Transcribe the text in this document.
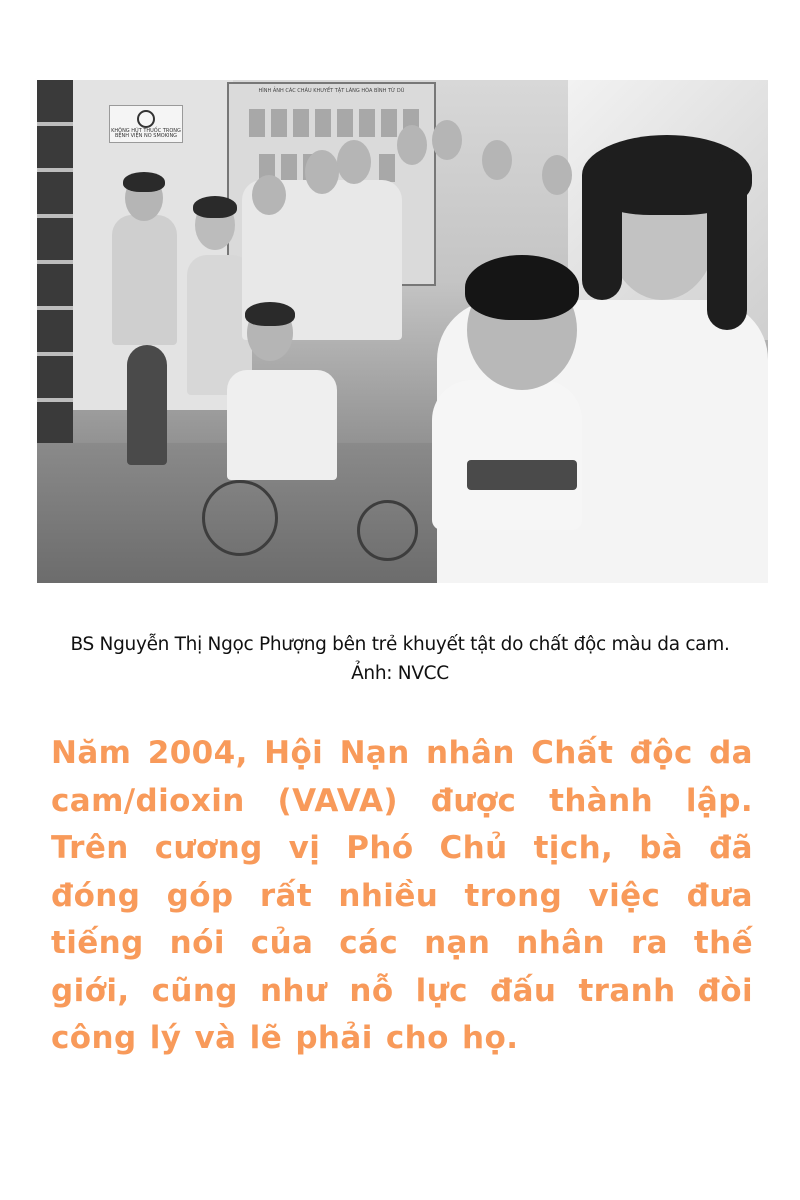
KHÔNG HÚT THUỐC TRONG BỆNH VIỆN NO SMOKING
HÌNH ẢNH CÁC CHÁU KHUYẾT TẬT LÀNG HÒA BÌNH TỪ DŨ
BS Nguyễn Thị Ngọc Phượng bên trẻ khuyết tật do chất độc màu da cam.
Ảnh: NVCC
Năm 2004, Hội Nạn nhân Chất độc da cam/dioxin (VAVA) được thành lập. Trên cương vị Phó Chủ tịch, bà đã đóng góp rất nhiều trong việc đưa tiếng nói của các nạn nhân ra thế giới, cũng như nỗ lực đấu tranh đòi công lý và lẽ phải cho họ.
